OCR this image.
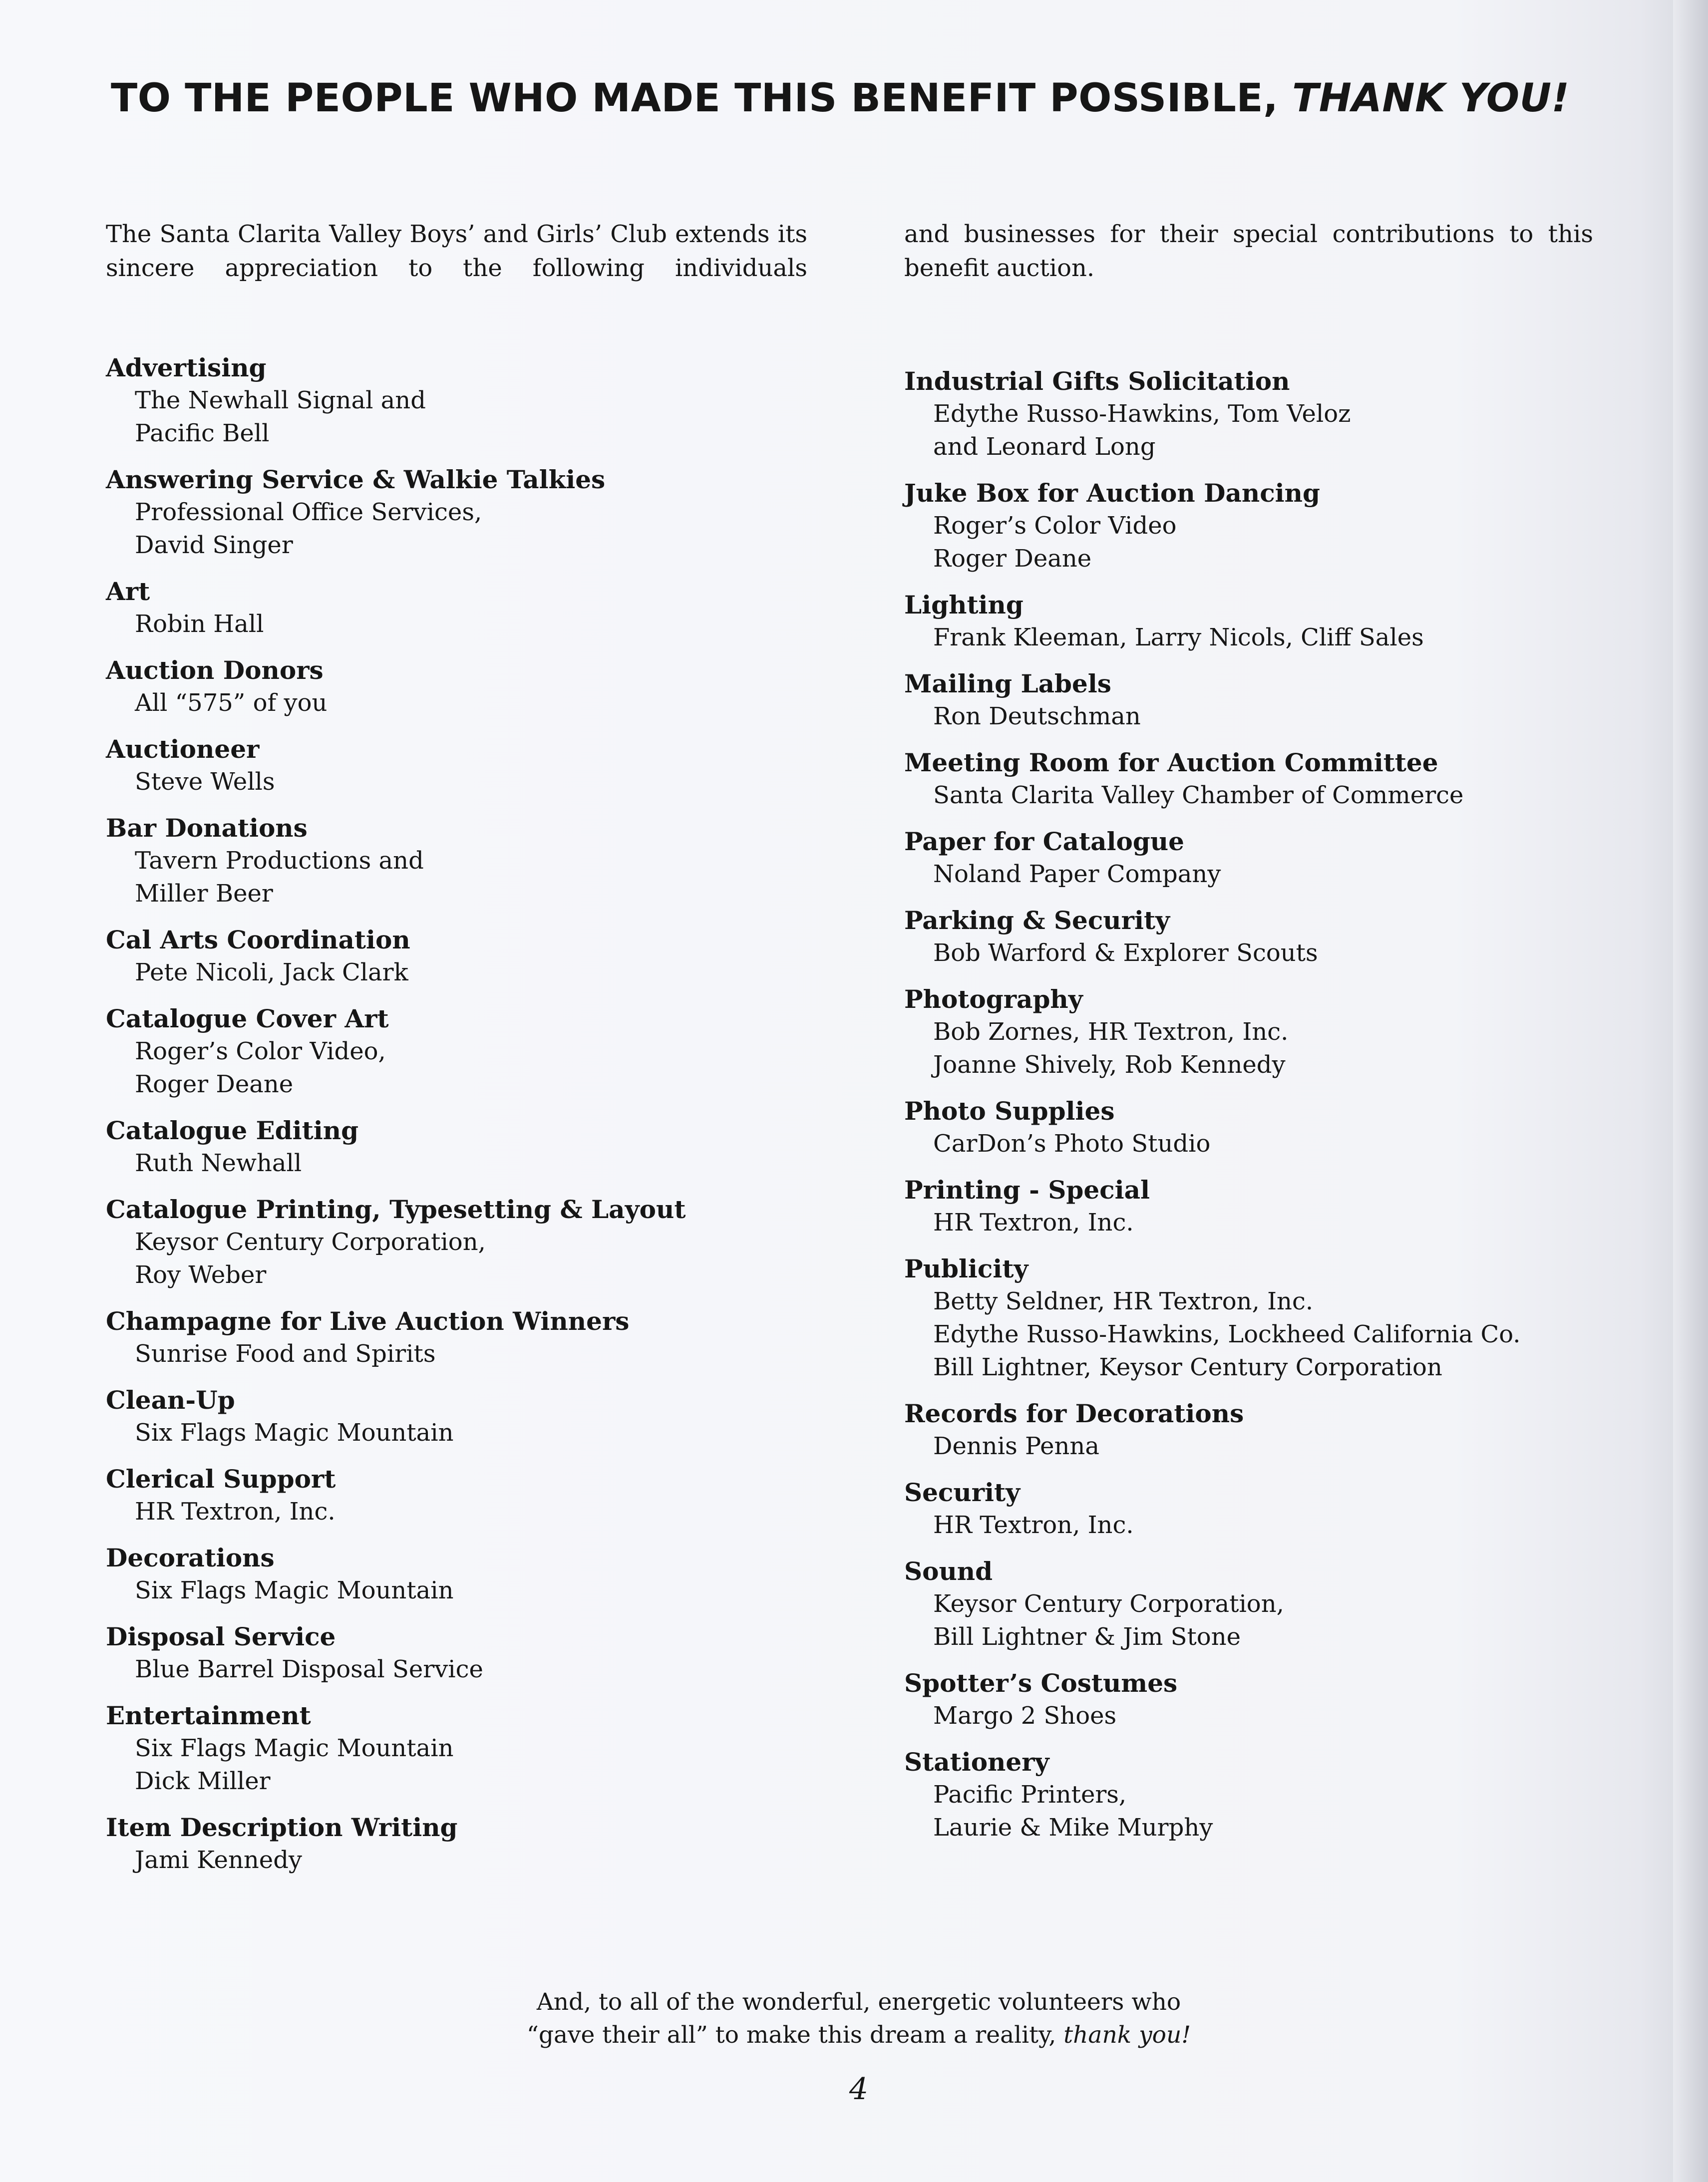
TO THE PEOPLE WHO MADE THIS BENEFIT POSSIBLE, THANK YOU!
The Santa Clarita Valley Boys’ and Girls’ Club extends its sincere appreciation to the following individuals
and businesses for their special contributions to this benefit auction.
Advertising
The Newhall Signal and
Pacific Bell
Answering Service & Walkie Talkies
Professional Office Services,
David Singer
Art
Robin Hall
Auction Donors
All “575” of you
Auctioneer
Steve Wells
Bar Donations
Tavern Productions and
Miller Beer
Cal Arts Coordination
Pete Nicoli, Jack Clark
Catalogue Cover Art
Roger’s Color Video,
Roger Deane
Catalogue Editing
Ruth Newhall
Catalogue Printing, Typesetting & Layout
Keysor Century Corporation,
Roy Weber
Champagne for Live Auction Winners
Sunrise Food and Spirits
Clean-Up
Six Flags Magic Mountain
Clerical Support
HR Textron, Inc.
Decorations
Six Flags Magic Mountain
Disposal Service
Blue Barrel Disposal Service
Entertainment
Six Flags Magic Mountain
Dick Miller
Item Description Writing
Jami Kennedy
Industrial Gifts Solicitation
Edythe Russo-Hawkins, Tom Veloz
and Leonard Long
Juke Box for Auction Dancing
Roger’s Color Video
Roger Deane
Lighting
Frank Kleeman, Larry Nicols, Cliff Sales
Mailing Labels
Ron Deutschman
Meeting Room for Auction Committee
Santa Clarita Valley Chamber of Commerce
Paper for Catalogue
Noland Paper Company
Parking & Security
Bob Warford & Explorer Scouts
Photography
Bob Zornes, HR Textron, Inc.
Joanne Shively, Rob Kennedy
Photo Supplies
CarDon’s Photo Studio
Printing - Special
HR Textron, Inc.
Publicity
Betty Seldner, HR Textron, Inc.
Edythe Russo-Hawkins, Lockheed California Co.
Bill Lightner, Keysor Century Corporation
Records for Decorations
Dennis Penna
Security
HR Textron, Inc.
Sound
Keysor Century Corporation,
Bill Lightner & Jim Stone
Spotter’s Costumes
Margo 2 Shoes
Stationery
Pacific Printers,
Laurie & Mike Murphy
And, to all of the wonderful, energetic volunteers who
“gave their all” to make this dream a reality, thank you!
4
